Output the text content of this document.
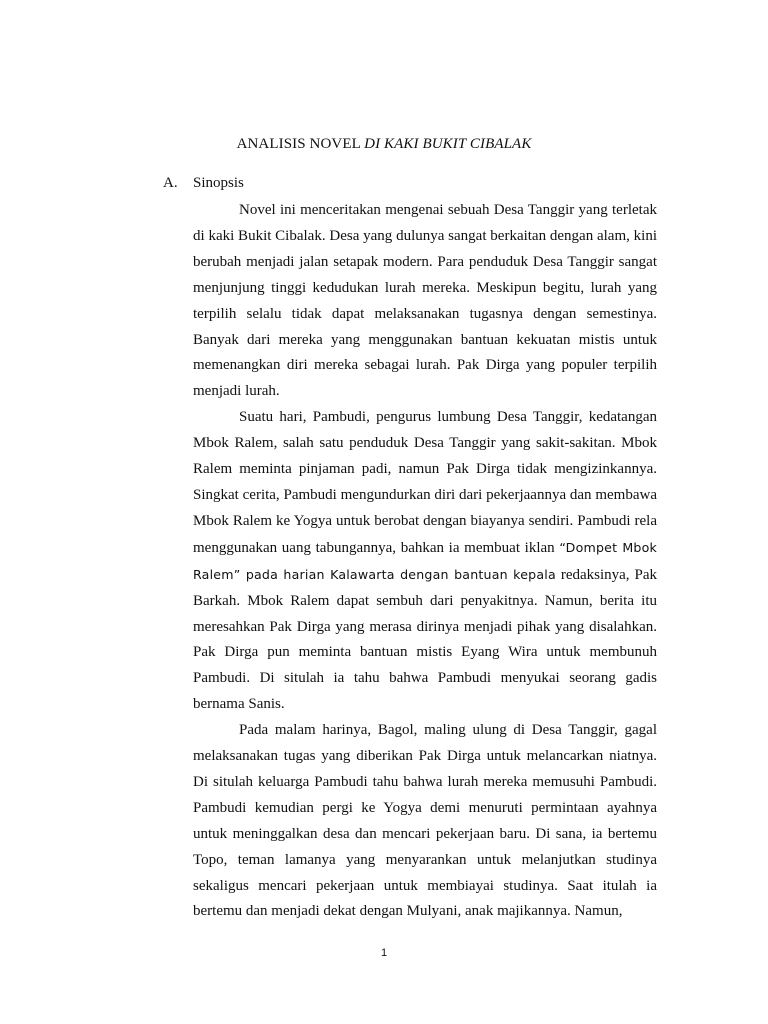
ANALISIS NOVEL DI KAKI BUKIT CIBALAK
A. Sinopsis

Novel ini menceritakan mengenai sebuah Desa Tanggir yang terletak di kaki Bukit Cibalak. Desa yang dulunya sangat berkaitan dengan alam, kini berubah menjadi jalan setapak modern. Para penduduk Desa Tanggir sangat menjunjung tinggi kedudukan lurah mereka. Meskipun begitu, lurah yang terpilih selalu tidak dapat melaksanakan tugasnya dengan semestinya. Banyak dari mereka yang menggunakan bantuan kekuatan mistis untuk memenangkan diri mereka sebagai lurah. Pak Dirga yang populer terpilih menjadi lurah.

Suatu hari, Pambudi, pengurus lumbung Desa Tanggir, kedatangan Mbok Ralem, salah satu penduduk Desa Tanggir yang sakit-sakitan. Mbok Ralem meminta pinjaman padi, namun Pak Dirga tidak mengizinkannya. Singkat cerita, Pambudi mengundurkan diri dari pekerjaannya dan membawa Mbok Ralem ke Yogya untuk berobat dengan biayanya sendiri. Pambudi rela menggunakan uang tabungannya, bahkan ia membuat iklan “Dompet Mbok Ralem” pada harian Kalawarta dengan bantuan kepala redaksinya, Pak Barkah. Mbok Ralem dapat sembuh dari penyakitnya. Namun, berita itu meresahkan Pak Dirga yang merasa dirinya menjadi pihak yang disalahkan. Pak Dirga pun meminta bantuan mistis Eyang Wira untuk membunuh Pambudi. Di situlah ia tahu bahwa Pambudi menyukai seorang gadis bernama Sanis.

Pada malam harinya, Bagol, maling ulung di Desa Tanggir, gagal melaksanakan tugas yang diberikan Pak Dirga untuk melancarkan niatnya. Di situlah keluarga Pambudi tahu bahwa lurah mereka memusuhi Pambudi. Pambudi kemudian pergi ke Yogya demi menuruti permintaan ayahnya untuk meninggalkan desa dan mencari pekerjaan baru. Di sana, ia bertemu Topo, teman lamanya yang menyarankan untuk melanjutkan studinya sekaligus mencari pekerjaan untuk membiayai studinya. Saat itulah ia bertemu dan menjadi dekat dengan Mulyani, anak majikannya. Namun,

1
